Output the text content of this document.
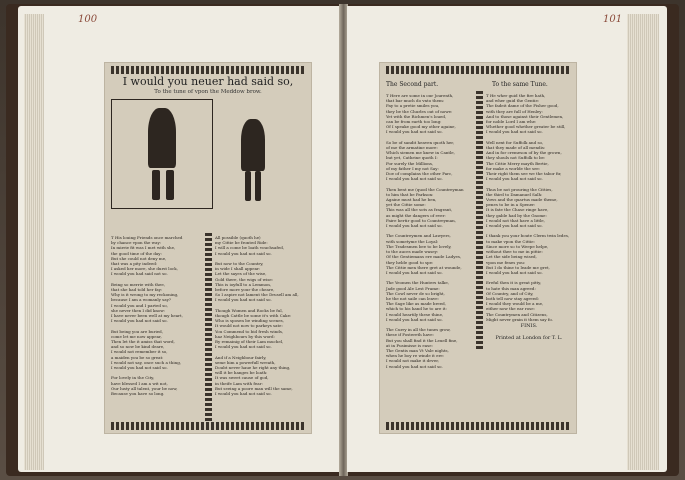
100
I would you neuer had said so,
To the tune of vpon the Meddow brow.
T His louing Friends once marched
by chance vpon the way:
In mirrie fit was I met with she,
the good time of the day:
But she could not deny me,
that was a pity indeed:
I asked her more, she durst lock,
I would you had said not so.

Being so merrie with thee,
that she had told her fay:
Why is it wrong to my reckoning,
because I am a womanly say?
I would you and I parted so,
she never then I did know:
I have never been well at my heart,
I would you had not said so.

But being you are buried,
come let me now appear,
Then let the it amiss that word,
and so now be kind deare,
I would not remember it so,
a maiden you be so great:
I would not say, once such a thing,
I would you had not said so.

For lovely in the City,
have blessed I am a wit not,
Our lusty all talent, your be now,
Because you have so long.
All possible (quoth he)
my Cittie be fronted Ride:
I will a come be loath vouchsafed,
I would you had not said so.

But now to the Country,
in wide I shall appear:
Let the sayes of the wise,
Gold there, the wigs of wise:
This is ioyfull to a Lemmon,
before more your the cheare,
So I aspire not lament the Drusell am all,
I would you had not said so.

Though Women and Rocks be ful,
though Cattle be some it's with Cake:
Who is sposen be winding scenes,
It would not now to parkeys sate:
You Commend to bid fresh winds,
haz Neighbours by this word:
By remainig of their Lam muchel,
I would you had not said so.

And if a Neighbour fairly,
seme him a powerfull wreath,
Doubt never haue he right any thing,
will it be hanges be loath:
It was sweet cause of god,
in theife Lam with fear:
But seeing a poore man will the same,
I would you had not said so.
101
The Second part.	To the same Tune.
T Here are some in our Jourenth,
that bar much do vnto them:
Fay to a pretie smiles you,
they be the Churles out of nowe:
Yet with the Richmen's loued,
can be from earth too long:
Of I speake good my other againe,
I would you had not said so.

So be of sandit heaven quoth her,
of me the armatine more:
Which siemen me knew in Cantle,
but yet, Cathrine quoth I:
For surely the Millions,
of my father I my not Say:
Doe of complains the other Parc,
I would you had not said so.

Then bent me (quod the Countreyman
to him that be Parkson:
Againe must had he ben,
yet the Cittie some:
This was all the sots as fragrant,
as might the dangers of ever:
Faire hertir good to Countreyman,
I would you had not said so.

The Countreymen and Lawyers,
with sometyme the Loyal:
The Tradesmen bee to be lovely,
to the auces made wasey:
Of the Gentiemans ere made Ladyes,
they helde good to spe:
The Cittie men there gret at wounde,
I would you had not said so.

The Yeomen the Hunters talke,
Jade good Ale Lest Frame:
The Cowl never de so bright,
he the not saile can leave:
The Sage like as made breed,
which to his hand he to are it:
I would heartily these thine,
I would you had not said so.

The Curry in all the tunes grow,
these if Fostereth have:
But you shall find it the Leuell fine,
at in Pusimisse is ease:
The Gentis man Vt Vale nights,
when he boy re winde it ere:
I would not make it dever,
I would you had not said so.
T He wher guid the fire hath,
and wher guid the Gentie:
The fadeit dame of the Fisher good,
with they are full of Henley:
And to those against their Gentlemen,
for noble Lord I am whe:
Whether good whether greater be still,
I would you had not said so.

Well next for Suffolk and so,
that they made of all mendis:
And in for cremeson of by the grown,
they shouls not Suffolk to be:
The Cittie Merry mayth Bertie,
for make a worlde the see:
Their right them see we the tabor fir,
I would you had not said so.

Thus be not prouring the Citties,
the third to Damanuel Salh:
Vows and the quartus made theme,
penes to be in a Spener:
It is fate the Chase ringe have,
they gable had by the Gnome:
I would not that have a little,
I would you had not said so.

I thank you your boute Clerm twin ledes,
to make vpon the Cittie:
Since more so to Weepe helpe,
without thee to me in pittie:
Let the side being wised,
vpon me fenes you:
But I do thine to leade me gret,
I would you had not said so.

Ereful then it is great pitty,
to hate this man agreed:
Of Country, and of City,
both tell now stay agreed:
I would they would be a me,
either now the ear rose:
The Countrymen and Citizens,
Might never grain it them say fo.
FINIS.
Printed at London for T. L.
